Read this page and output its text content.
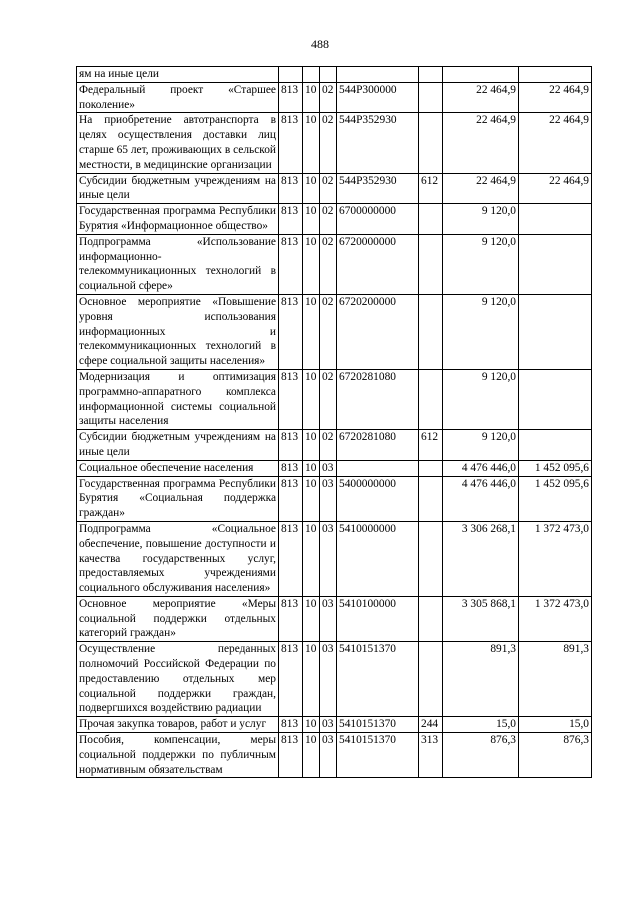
488
ям на иные цели							
Федеральный проект «Старшее поколение»	813	10	02	544P300000		22 464,9	22 464,9
На приобретение автотранспорта в целях осуществления доставки лиц старше 65 лет, проживающих в сельской местности, в медицинские организации	813	10	02	544P352930		22 464,9	22 464,9
Субсидии бюджетным учреждениям на иные цели	813	10	02	544P352930	612	22 464,9	22 464,9
Государственная программа Республики Бурятия «Информационное общество»	813	10	02	6700000000		9 120,0	
Подпрограмма «Использование информационно-телекоммуникационных технологий в социальной сфере»	813	10	02	6720000000		9 120,0	
Основное мероприятие «Повышение уровня использования информационных и телекоммуникационных технологий в сфере социальной защиты населения»	813	10	02	6720200000		9 120,0	
Модернизация и оптимизация программно-аппаратного комплекса информационной системы социальной защиты населения	813	10	02	6720281080		9 120,0	
Субсидии бюджетным учреждениям на иные цели	813	10	02	6720281080	612	9 120,0	
Социальное обеспечение населения	813	10	03			4 476 446,0	1 452 095,6
Государственная программа Республики Бурятия «Социальная поддержка граждан»	813	10	03	5400000000		4 476 446,0	1 452 095,6
Подпрограмма «Социальное обеспечение, повышение доступности и качества государственных услуг, предоставляемых учреждениями социального обслуживания населения»	813	10	03	5410000000		3 306 268,1	1 372 473,0
Основное мероприятие «Меры социальной поддержки отдельных категорий граждан»	813	10	03	5410100000		3 305 868,1	1 372 473,0
Осуществление переданных полномочий Российской Федерации по предоставлению отдельных мер социальной поддержки граждан, подвергшихся воздействию радиации	813	10	03	5410151370		891,3	891,3
Прочая закупка товаров, работ и услуг	813	10	03	5410151370	244	15,0	15,0
Пособия, компенсации, меры социальной поддержки по публичным нормативным обязательствам	813	10	03	5410151370	313	876,3	876,3
